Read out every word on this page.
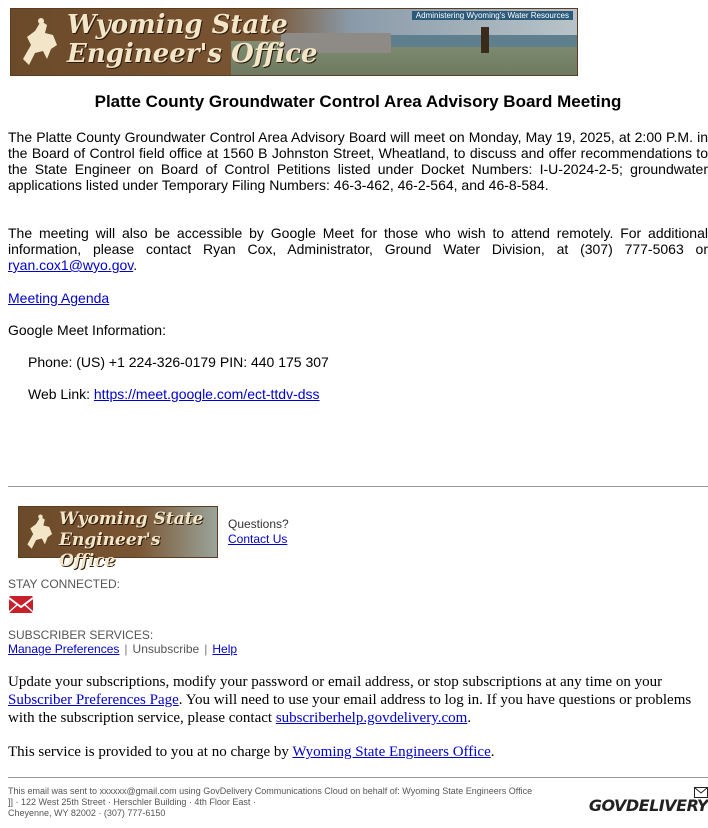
Wyoming State
Engineer's Office
Administering Wyoming's Water Resources
Platte County Groundwater Control Area Advisory Board Meeting

The Platte County Groundwater Control Area Advisory Board will meet on Monday, May 19, 2025, at 2:00 P.M. in the Board of Control field office at 1560 B Johnston Street, Wheatland, to discuss and offer recommendations to the State Engineer on Board of Control Petitions listed under Docket Numbers: I-U-2024-2-5; groundwater applications listed under Temporary Filing Numbers: 46-3-462, 46-2-564, and 46-8-584.

The meeting will also be accessible by Google Meet for those who wish to attend remotely. For additional information, please contact Ryan Cox, Administrator, Ground Water Division, at (307) 777-5063 or ryan.cox1@wyo.gov.

Meeting Agenda
Google Meet Information:
Phone: (US) +1 224-326-0179 PIN: 440 175 307
Web Link: https://meet.google.com/ect-ttdv-dss
Wyoming State
Engineer's Office
Questions?
Contact Us
STAY CONNECTED:
SUBSCRIBER SERVICES:
Manage Preferences | Unsubscribe | Help

Update your subscriptions, modify your password or email address, or stop subscriptions at any time on your Subscriber Preferences Page. You will need to use your email address to log in. If you have questions or problems with the subscription service, please contact subscriberhelp.govdelivery.com.

This service is provided to you at no charge by Wyoming State Engineers Office.

This email was sent to xxxxxx@gmail.com using GovDelivery Communications Cloud on behalf of: Wyoming State Engineers Office
]] · 122 West 25th Street · Herschler Building · 4th Floor East ·
Cheyenne, WY 82002 · (307) 777-6150	GOVDELIVERY
